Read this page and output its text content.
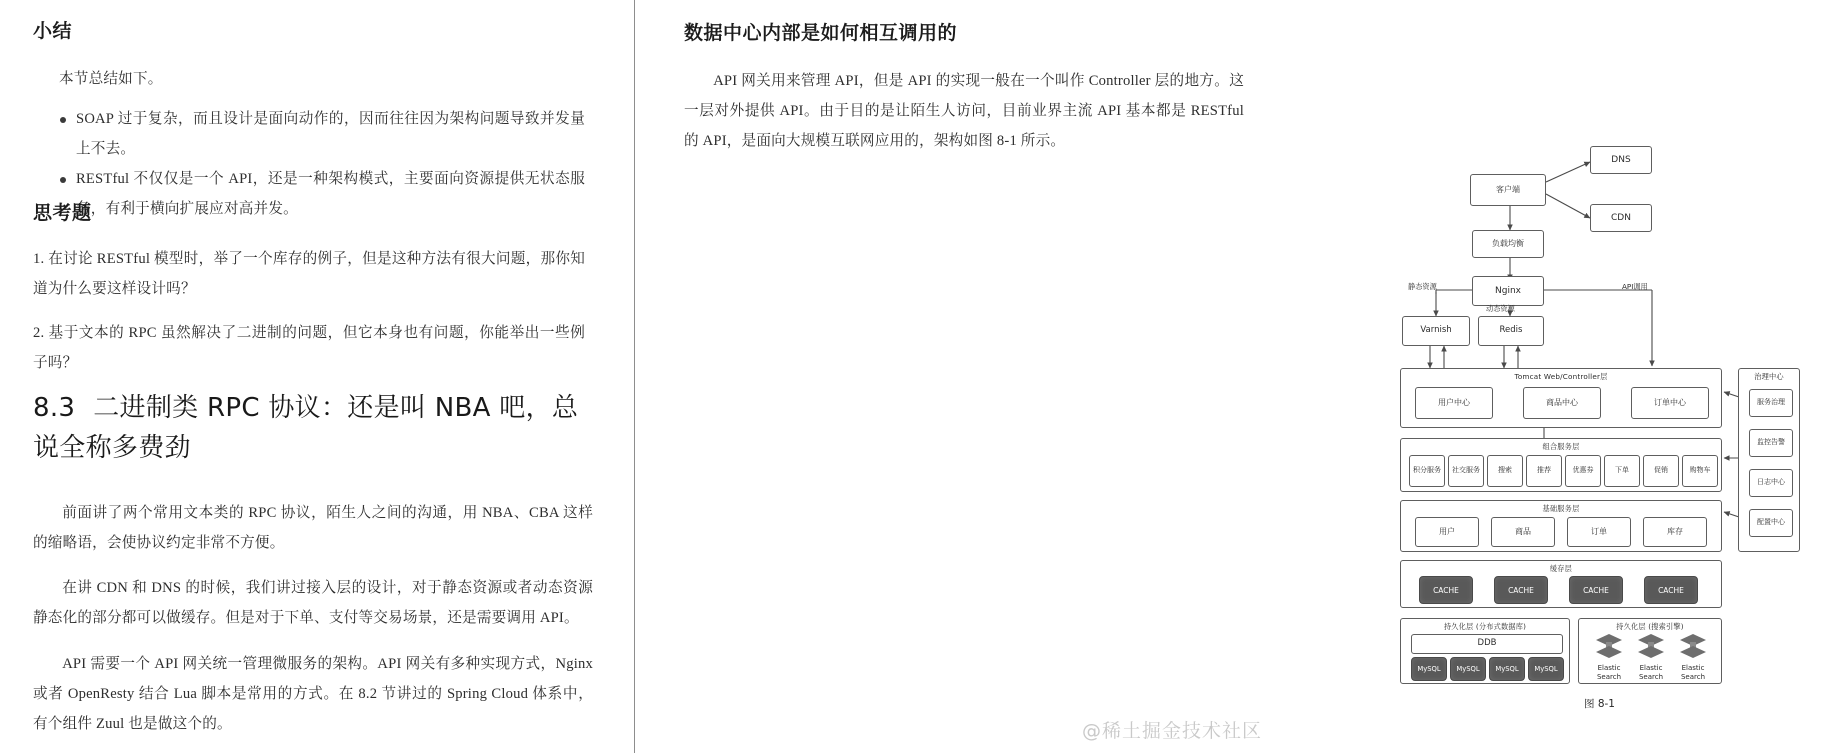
小结

本节总结如下。

SOAP 过于复杂，而且设计是面向动作的，因而往往因为架构问题导致并发量上不去。
RESTful 不仅仅是一个 API，还是一种架构模式，主要面向资源提供无状态服务，有利于横向扩展应对高并发。
思考题

1. 在讨论 RESTful 模型时，举了一个库存的例子，但是这种方法有很大问题，那你知道为什么要这样设计吗？

2. 基于文本的 RPC 虽然解决了二进制的问题，但它本身也有问题，你能举出一些例子吗？

8.3 二进制类 RPC 协议：还是叫 NBA 吧，总说全称多费劲

前面讲了两个常用文本类的 RPC 协议，陌生人之间的沟通，用 NBA、CBA 这样的缩略语，会使协议约定非常不方便。

在讲 CDN 和 DNS 的时候，我们讲过接入层的设计，对于静态资源或者动态资源静态化的部分都可以做缓存。但是对于下单、支付等交易场景，还是需要调用 API。

API 需要一个 API 网关统一管理微服务的架构。API 网关有多种实现方式，Nginx 或者 OpenResty 结合 Lua 脚本是常用的方式。在 8.2 节讲过的 Spring Cloud 体系中，有个组件 Zuul 也是做这个的。

数据中心内部是如何相互调用的

API 网关用来管理 API，但是 API 的实现一般在一个叫作 Controller 层的地方。这一层对外提供 API。由于目的是让陌生人访问，目前业界主流 API 基本都是 RESTful 的 API，是面向大规模互联网应用的，架构如图 8-1 所示。

客户端
DNS
CDN
负载均衡
Nginx
Varnish	Redis
静态资源
动态资源
API调用
Tomcat Web/Controller层
用户中心	商品中心	订单中心
组合服务层
积分服务 社交服务	搜索	推荐	优惠券	下单	促销	购物车
基础服务层
用户	商品	订单	库存
缓存层
CACHE	CACHE	CACHE	CACHE
持久化层 (分布式数据库)
DDB
MySQL MySQL MySQL MySQL
持久化层 (搜索引擎)
Elastic Search
Elastic Search
Elastic Search
治理中心
服务治理
监控告警
日志中心
配置中心
图 8-1
@稀土掘金技术社区
